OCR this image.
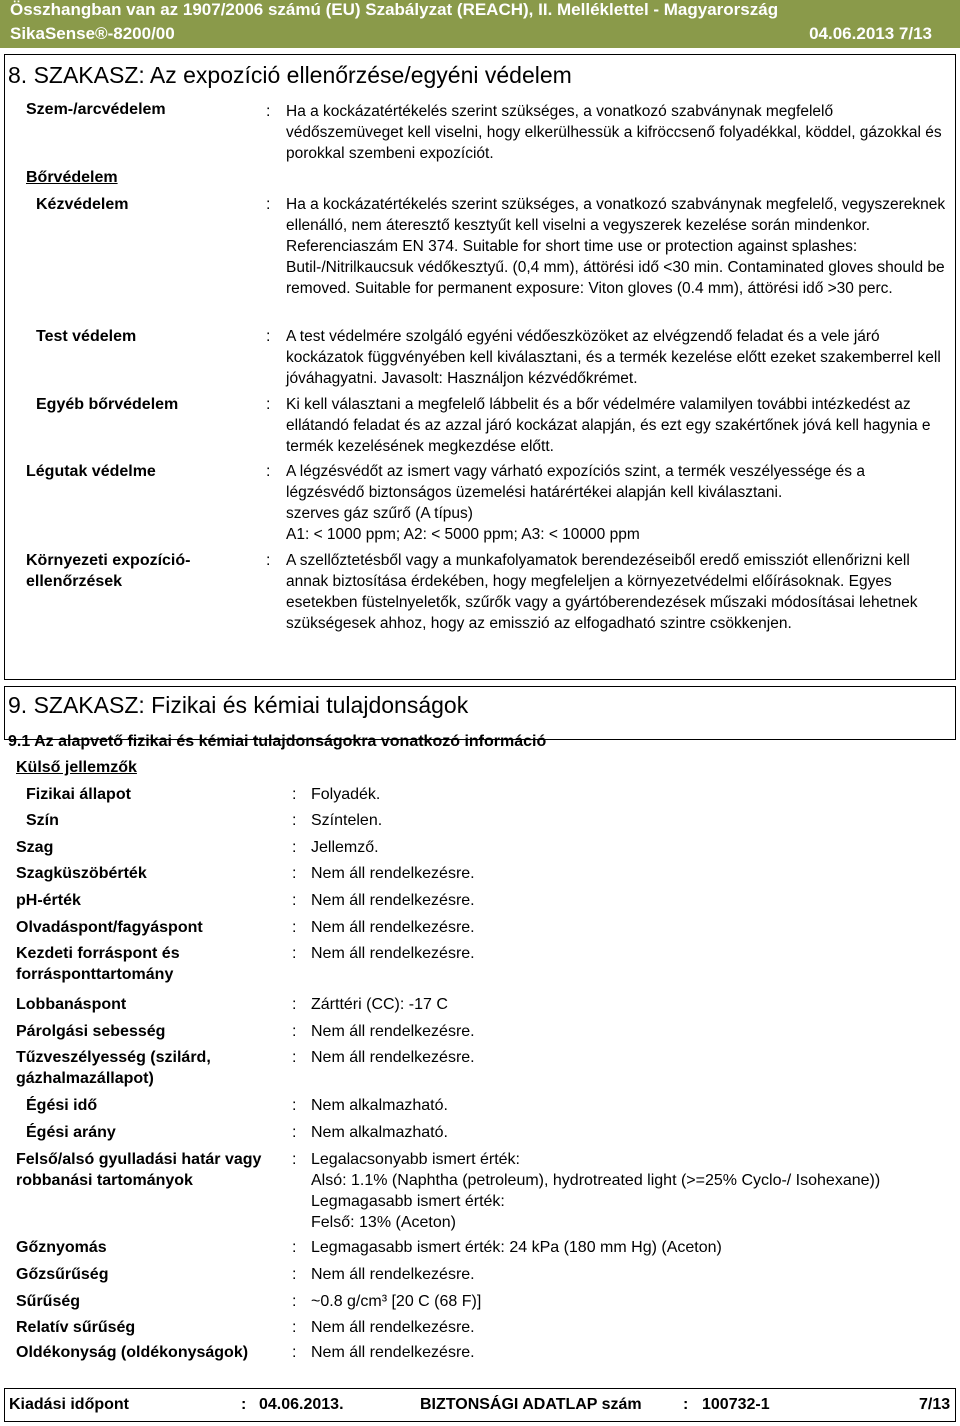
Összhangban van az 1907/2006 számú (EU) Szabályzat (REACH), II. Melléklettel - Magyarország
SikaSense®-8200/00	04.06.2013 7/13
8. SZAKASZ: Az expozíció ellenőrzése/egyéni védelem
Szem-/arcvédelem	: Ha a kockázatértékelés szerint szükséges, a vonatkozó szabványnak megfelelő védőszemüveget kell viselni, hogy elkerülhessük a kifröccsenő folyadékkal, köddel, gázokkal és porokkal szembeni expozíciót.
Bőrvédelem
Kézvédelem	: Ha a kockázatértékelés szerint szükséges, a vonatkozó szabványnak megfelelő, vegyszereknek ellenálló, nem áteresztő kesztyűt kell viselni a vegyszerek kezelése során mindenkor. Referenciaszám EN 374. Suitable for short time use or protection against splashes: Butil-/Nitrilkaucsuk védőkesztyű. (0,4 mm), áttörési idő <30 min. Contaminated gloves should be removed. Suitable for permanent exposure: Viton gloves (0.4 mm), áttörési idő >30 perc.
Test védelem	: A test védelmére szolgáló egyéni védőeszközöket az elvégzendő feladat és a vele járó kockázatok függvényében kell kiválasztani, és a termék kezelése előtt ezeket szakemberrel kell jóváhagyatni. Javasolt: Használjon kézvédőkrémet.
Egyéb bőrvédelem	: Ki kell választani a megfelelő lábbelit és a bőr védelmére valamilyen további intézkedést az ellátandó feladat és az azzal járó kockázat alapján, és ezt egy szakértőnek jóvá kell hagynia e termék kezelésének megkezdése előtt.
Légutak védelme	: A légzésvédőt az ismert vagy várható expozíciós szint, a termék veszélyessége és a légzésvédő biztonságos üzemelési határértékei alapján kell kiválasztani.
szerves gáz szűrő (A típus)
A1: < 1000 ppm; A2: < 5000 ppm; A3: < 10000 ppm
Környezeti expozíció-
ellenőrzések
: A szellőztetésből vagy a munkafolyamatok berendezéseiből eredő emissziót ellenőrizni kell annak biztosítása érdekében, hogy megfeleljen a környezetvédelmi előírásoknak. Egyes esetekben füstelnyeletők, szűrők vagy a gyártóberendezések műszaki módosításai lehetnek szükségesek ahhoz, hogy az emisszió az elfogadható szintre csökkenjen.
9. SZAKASZ: Fizikai és kémiai tulajdonságok
9.1 Az alapvető fizikai és kémiai tulajdonságokra vonatkozó információ
Külső jellemzők
Fizikai állapot	: Folyadék.
Szín	: Színtelen.
Szag	: Jellemző.
Szagküszöbérték	: Nem áll rendelkezésre.
pH-érték	: Nem áll rendelkezésre.
Olvadáspont/fagyáspont	: Nem áll rendelkezésre.
Kezdeti forráspont és forrásponttartomány
: Nem áll rendelkezésre.
Lobbanáspont	: Zárttéri (CC): -17 C
Párolgási sebesség	: Nem áll rendelkezésre.
Tűzveszélyesség (szilárd, gázhalmazállapot)
: Nem áll rendelkezésre.
Égési idő	: Nem alkalmazható.
Égési arány	: Nem alkalmazható.
Felső/alsó gyulladási határ vagy robbanási tartományok
: Legalacsonyabb ismert érték:
Alsó: 1.1% (Naphtha (petroleum), hydrotreated light (>=25% Cyclo-/ Isohexane))
Legmagasabb ismert érték:
Felső: 13% (Aceton)
Gőznyomás	: Legmagasabb ismert érték: 24 kPa (180 mm Hg) (Aceton)
Gőzsűrűség	: Nem áll rendelkezésre.
Sűrűség	: ~0.8 g/cm³ [20 C (68 F)]
Relatív sűrűség	: Nem áll rendelkezésre.
Oldékonyság (oldékonyságok)	: Nem áll rendelkezésre.
Kiadási időpont	: 04.06.2013.	BIZTONSÁGI ADATLAP szám	: 100732-1	7/13
